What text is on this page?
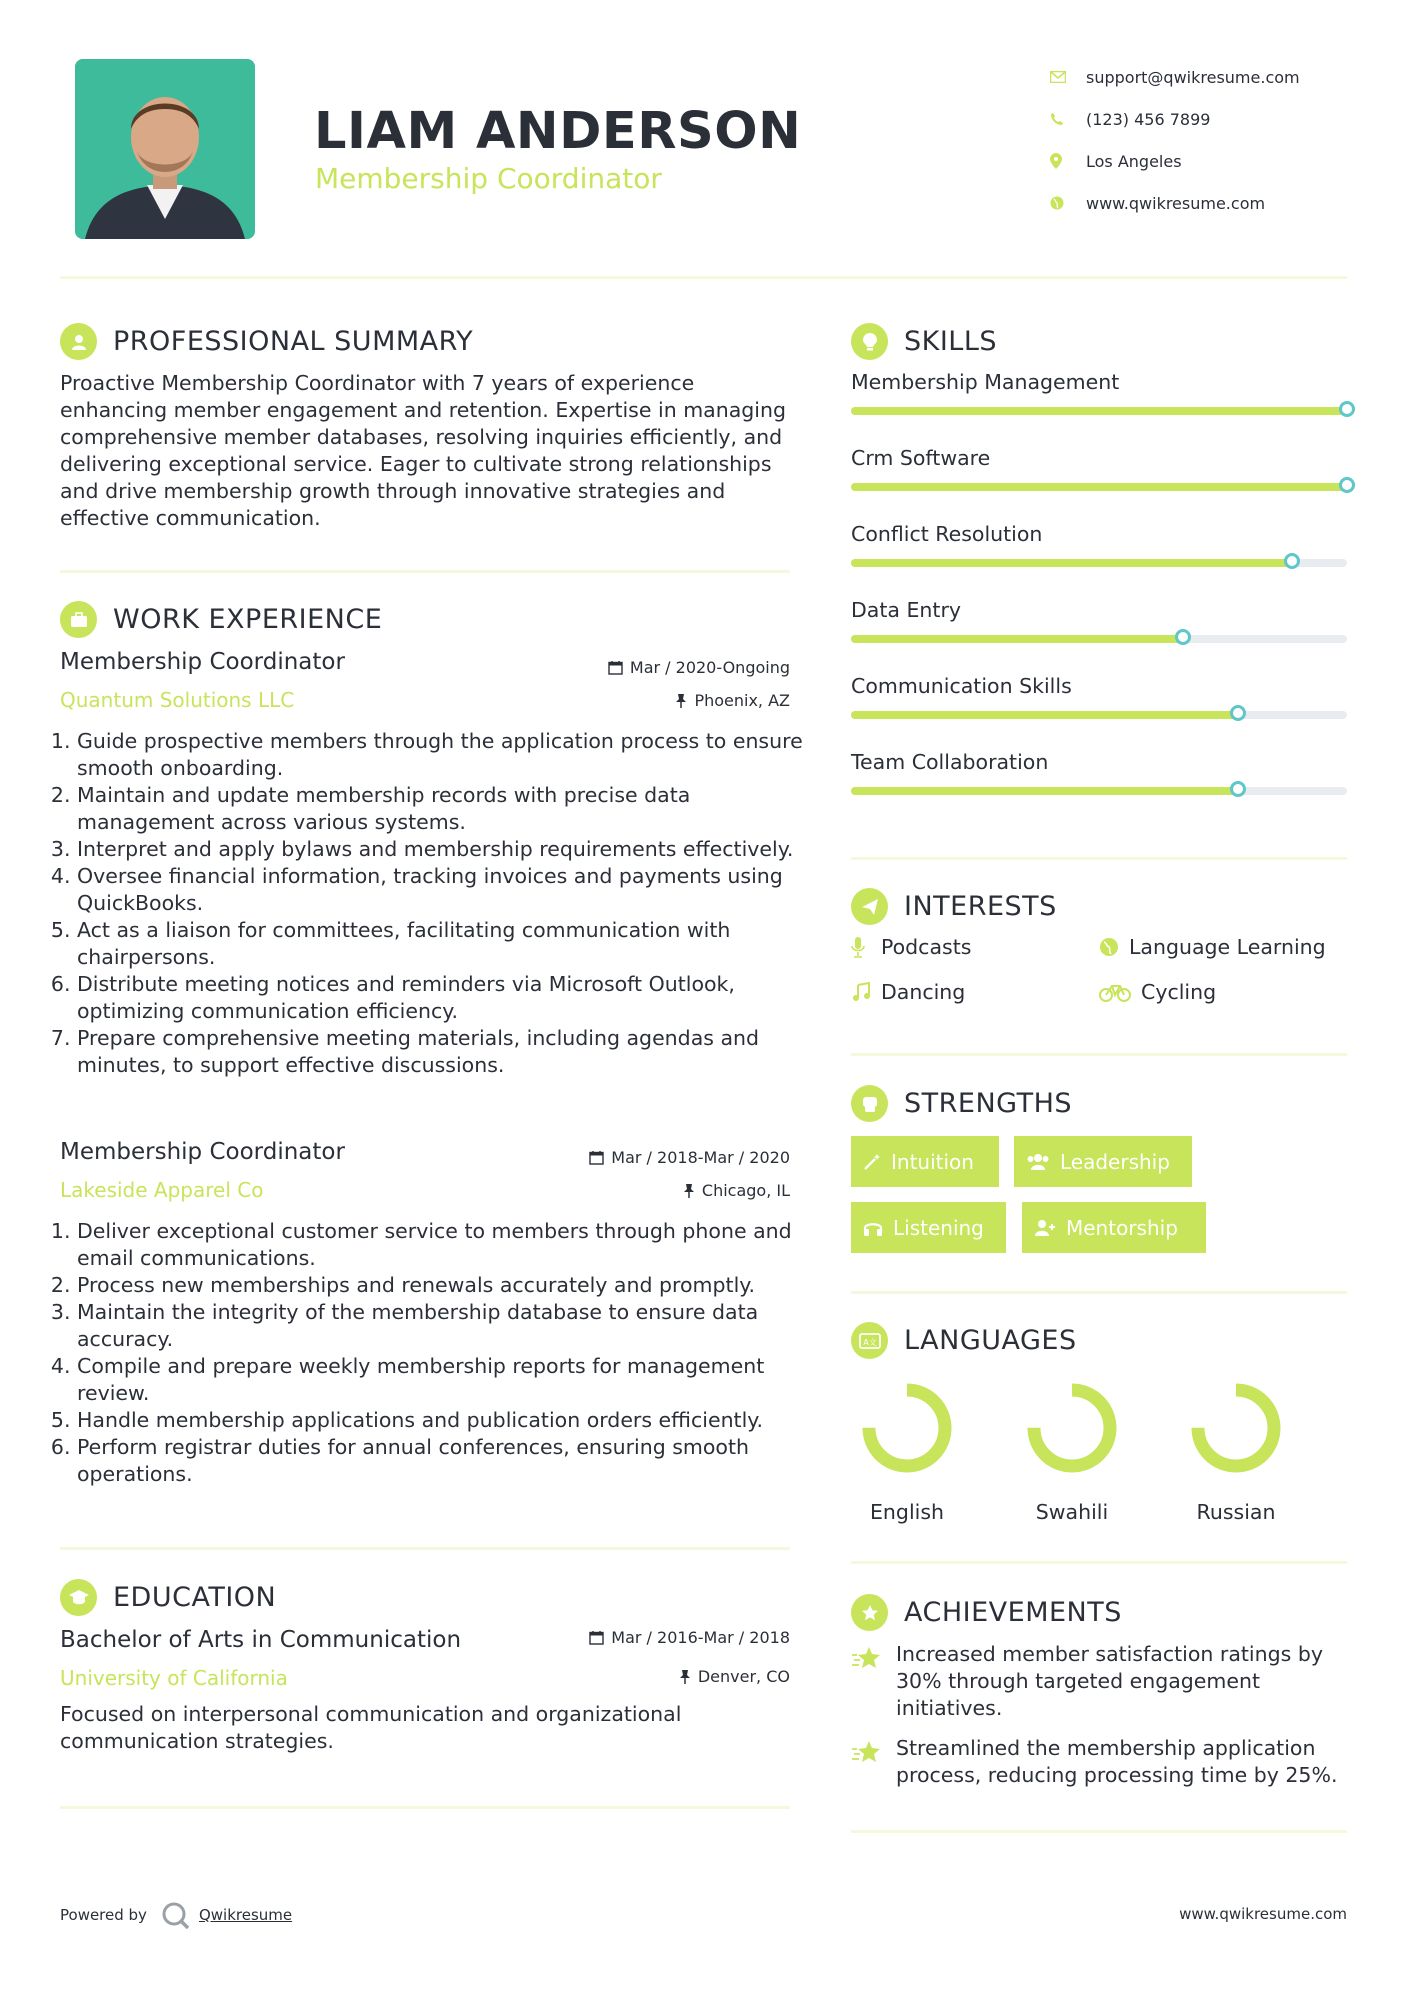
LIAM ANDERSON
Membership Coordinator
support@qwikresume.com
(123) 456 7899
Los Angeles
www.qwikresume.com
PROFESSIONAL SUMMARY
Proactive Membership Coordinator with 7 years of experience enhancing member engagement and retention. Expertise in managing comprehensive member databases, resolving inquiries efficiently, and delivering exceptional service. Eager to cultivate strong relationships and drive membership growth through innovative strategies and effective communication.
WORK EXPERIENCE
Membership Coordinator
Quantum Solutions LLC
Mar / 2020-Ongoing
Phoenix, AZ
1. Guide prospective members through the application process to ensure smooth onboarding.
2. Maintain and update membership records with precise data management across various systems.
3. Interpret and apply bylaws and membership requirements effectively.
4. Oversee financial information, tracking invoices and payments using QuickBooks.
5. Act as a liaison for committees, facilitating communication with chairpersons.
6. Distribute meeting notices and reminders via Microsoft Outlook, optimizing communication efficiency.
7. Prepare comprehensive meeting materials, including agendas and minutes, to support effective discussions.
Membership Coordinator
Lakeside Apparel Co
Mar / 2018-Mar / 2020
Chicago, IL
1. Deliver exceptional customer service to members through phone and email communications.
2. Process new memberships and renewals accurately and promptly.
3. Maintain the integrity of the membership database to ensure data accuracy.
4. Compile and prepare weekly membership reports for management review.
5. Handle membership applications and publication orders efficiently.
6. Perform registrar duties for annual conferences, ensuring smooth operations.
EDUCATION
Bachelor of Arts in Communication
University of California
Mar / 2016-Mar / 2018
Denver, CO
Focused on interpersonal communication and organizational communication strategies.
SKILLS
Membership Management
Crm Software
Conflict Resolution
Data Entry
Communication Skills
Team Collaboration
INTERESTS
Podcasts	Language Learning
Dancing	Cycling
STRENGTHS
Intuition	Leadership
Listening	Mentorship
A文 LANGUAGES
English	Swahili	Russian
ACHIEVEMENTS
Increased member satisfaction ratings by 30% through targeted engagement initiatives.
Streamlined the membership application process, reducing processing time by 25%.
Powered by	Qwikresume	www.qwikresume.com
